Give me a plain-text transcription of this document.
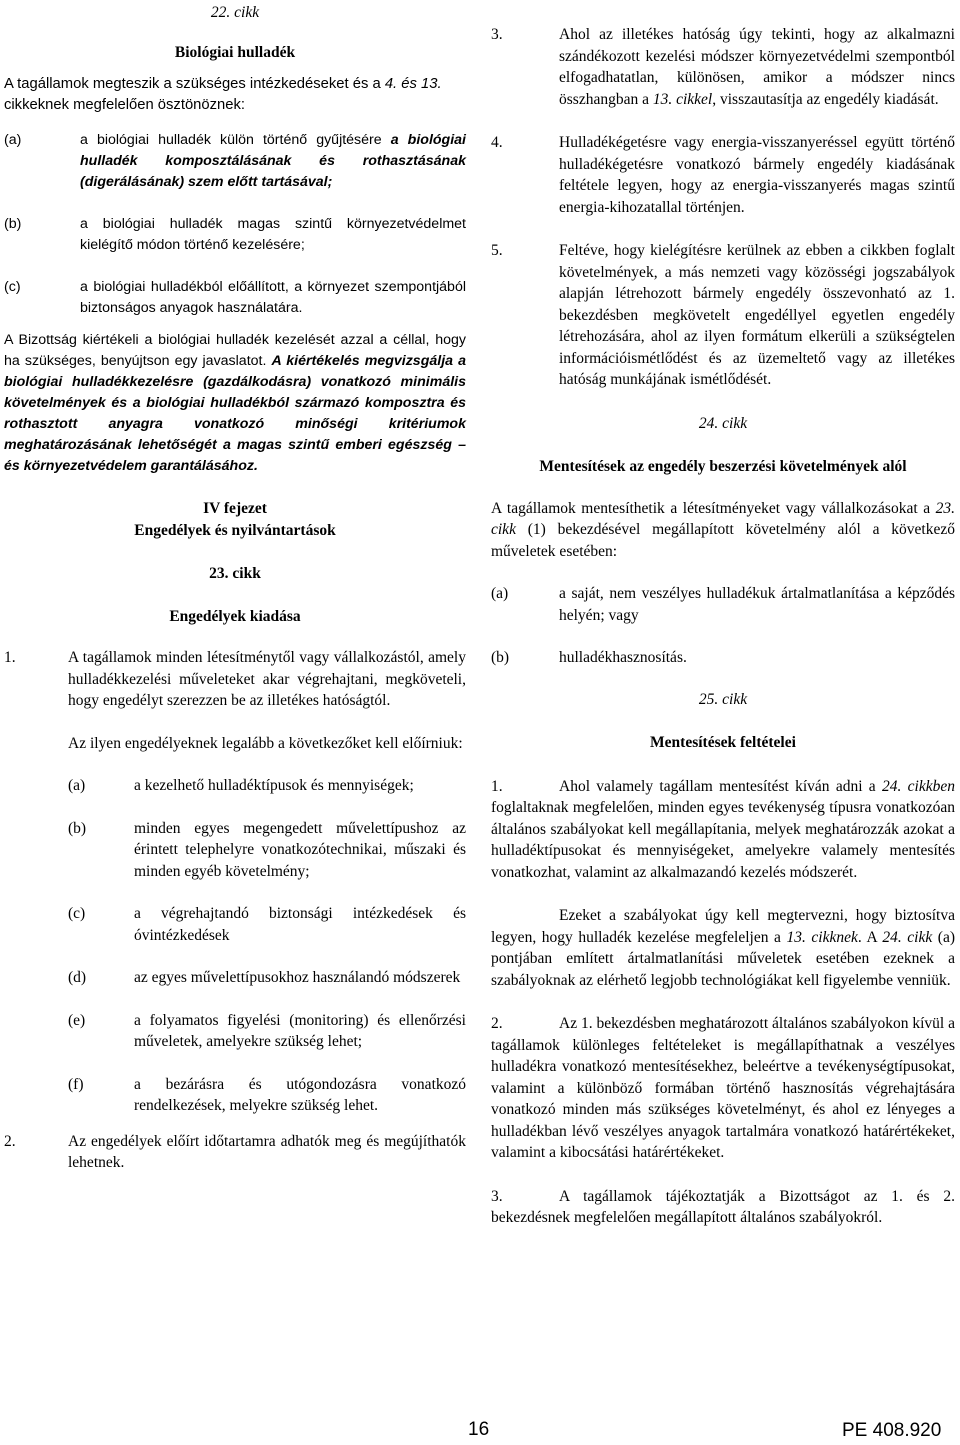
22. cikk

Biológiai hulladék

A tagállamok megteszik a szükséges intézkedéseket és a 4. és 13. cikkeknek megfelelően ösztönöznek:

(a)	a biológiai hulladék külön történő gyűjtésére a biológiai hulladék komposztálásának és rothasztásának (digerálásának) szem előtt tartásával;
(b)	a biológiai hulladék magas szintű környezetvédelmet kielégítő módon történő kezelésére;
(c)	a biológiai hulladékból előállított, a környezet szempontjából biztonságos anyagok használatára.

A Bizottság kiértékeli a biológiai hulladék kezelését azzal a céllal, hogy ha szükséges, benyújtson egy javaslatot. A kiértékelés megvizsgálja a biológiai hulladékkezelésre (gazdálkodásra) vonatkozó minimális követelmények és a biológiai hulladékból származó komposztra és rothasztott anyagra vonatkozó minőségi kritériumok meghatározásának lehetőségét a magas szintű emberi egészség – és környezetvédelem garantálásához.

IV fejezet

Engedélyek és nyilvántartások

23. cikk

Engedélyek kiadása

1.	A tagállamok minden létesítménytől vagy vállalkozástól, amely hulladékkezelési műveleteket akar végrehajtani, megköveteli, hogy engedélyt szerezzen be az illetékes hatóságtól.

Az ilyen engedélyeknek legalább a következőket kell előírniuk:

(a)	a kezelhető hulladéktípusok és mennyiségek;
(b)	minden egyes megengedett művelettípushoz az érintett telephelyre vonatkozótechnikai, műszaki és minden egyéb követelmény;
(c)	a végrehajtandó biztonsági intézkedések és óvintézkedések
(d)	az egyes művelettípusokhoz használandó módszerek
(e)	a folyamatos figyelési (monitoring) és ellenőrzési műveletek, amelyekre szükség lehet;
(f)	a bezárásra és utógondozásra vonatkozó rendelkezések, melyekre szükség lehet.
2.	Az engedélyek előírt időtartamra adhatók meg és megújíthatók lehetnek.
3.	Ahol az illetékes hatóság úgy tekinti, hogy az alkalmazni szándékozott kezelési módszer környezetvédelmi szempontból elfogadhatatlan, különösen, amikor a módszer nincs összhangban a 13. cikkel, visszautasítja az engedély kiadását.
4.	Hulladékégetésre vagy energia-visszanyeréssel együtt történő hulladékégetésre vonatkozó bármely engedély kiadásának feltétele legyen, hogy az energia-visszanyerés magas szintű energia-kihozatallal történjen.
5.	Feltéve, hogy kielégítésre kerülnek az ebben a cikkben foglalt követelmények, a más nemzeti vagy közösségi jogszabályok alapján létrehozott bármely engedély összevonható az 1. bekezdésben megkövetelt engedéllyel egyetlen engedély létrehozására, ahol az ilyen formátum elkerüli a szükségtelen információismétlődést és az üzemeltető vagy az illetékes hatóság munkájának ismétlődését.

24. cikk

Mentesítések az engedély beszerzési követelmények alól

A tagállamok mentesíthetik a létesítményeket vagy vállalkozásokat a 23. cikk (1) bekezdésével megállapított követelmény alól a következő műveletek esetében:

(a)	a saját, nem veszélyes hulladékuk ártalmatlanítása a képződés helyén; vagy
(b)	hulladékhasznosítás.

25. cikk

Mentesítések feltételei

1.	Ahol valamely tagállam mentesítést kíván adni a 24. cikkben foglaltaknak megfelelően, minden egyes tevékenység típusra vonatkozóan általános szabályokat kell megállapítania, melyek meghatározzák azokat a hulladéktípusokat és mennyiségeket, amelyekre valamely mentesítés vonatkozhat, valamint az alkalmazandó kezelés módszerét.

Ezeket a szabályokat úgy kell megtervezni, hogy biztosítva legyen, hogy hulladék kezelése megfeleljen a 13. cikknek. A 24. cikk (a) pontjában említett ártalmatlanítási műveletek esetében ezeknek a szabályoknak az elérhető legjobb technológiákat kell figyelembe venniük.

2.	Az 1. bekezdésben meghatározott általános szabályokon kívül a tagállamok különleges feltételeket is megállapíthatnak a veszélyes hulladékra vonatkozó mentesítésekhez, beleértve a tevékenységtípusokat, valamint a különböző formában történő hasznosítás végrehajtására vonatkozó minden más szükséges követelményt, és ahol ez lényeges a hulladékban lévő veszélyes anyagok tartalmára vonatkozó határértékeket, valamint a kibocsátási határértékeket.

3.	A tagállamok tájékoztatják a Bizottságot az 1. és 2. bekezdésnek megfelelően megállapított általános szabályokról.

16	PE 408.920
